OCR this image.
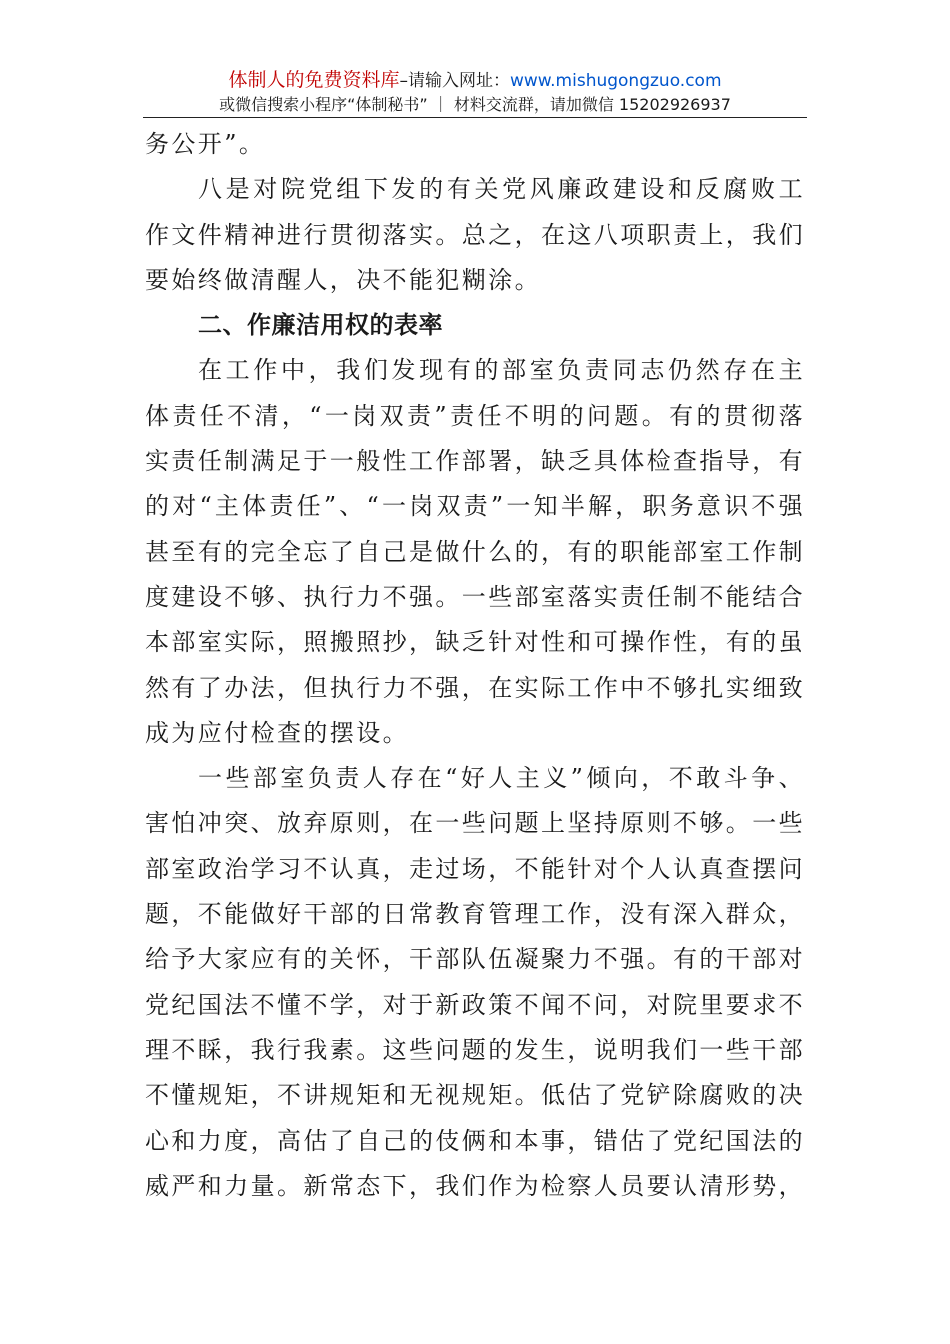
体制人的免费资料库–请输入网址：www.mishugongzuo.com
或微信搜索小程序“体制秘书” ｜ 材料交流群，请加微信 15202926937

务公开”。

八是对院党组下发的有关党风廉政建设和反腐败工作文件精神进行贯彻落实。总之，在这八项职责上，我们要始终做清醒人，决不能犯糊涂。

二、作廉洁用权的表率

在工作中，我们发现有的部室负责同志仍然存在主体责任不清，“一岗双责”责任不明的问题。有的贯彻落实责任制满足于一般性工作部署，缺乏具体检查指导，有的对“主体责任”、“一岗双责”一知半解，职务意识不强甚至有的完全忘了自己是做什么的，有的职能部室工作制度建设不够、执行力不强。一些部室落实责任制不能结合本部室实际，照搬照抄，缺乏针对性和可操作性，有的虽然有了办法，但执行力不强，在实际工作中不够扎实细致成为应付检查的摆设。

一些部室负责人存在“好人主义”倾向，不敢斗争、害怕冲突、放弃原则，在一些问题上坚持原则不够。一些部室政治学习不认真，走过场，不能针对个人认真查摆问题，不能做好干部的日常教育管理工作，没有深入群众，给予大家应有的关怀，干部队伍凝聚力不强。有的干部对党纪国法不懂不学，对于新政策不闻不问，对院里要求不理不睬，我行我素。这些问题的发生，说明我们一些干部不懂规矩，不讲规矩和无视规矩。低估了党铲除腐败的决心和力度，高估了自己的伎俩和本事，错估了党纪国法的威严和力量。新常态下，我们作为检察人员要认清形势，
